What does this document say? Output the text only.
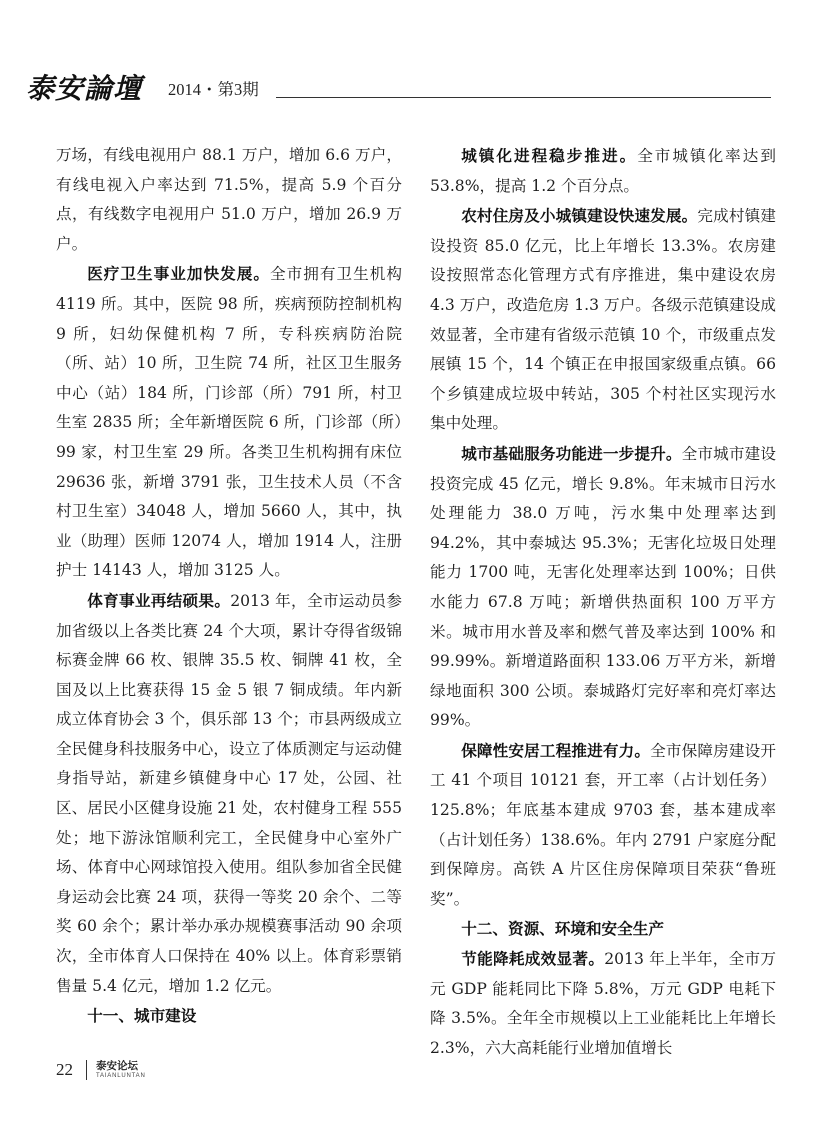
泰安論壇 2014・第3期

万场，有线电视用户 88.1 万户，增加 6.6 万户，有线电视入户率达到 71.5%，提高 5.9 个百分点，有线数字电视用户 51.0 万户，增加 26.9 万户。

医疗卫生事业加快发展。全市拥有卫生机构 4119 所。其中，医院 98 所，疾病预防控制机构 9 所，妇幼保健机构 7 所，专科疾病防治院（所、站）10 所，卫生院 74 所，社区卫生服务中心（站）184 所，门诊部（所）791 所，村卫生室 2835 所；全年新增医院 6 所，门诊部（所）99 家，村卫生室 29 所。各类卫生机构拥有床位 29636 张，新增 3791 张，卫生技术人员（不含村卫生室）34048 人，增加 5660 人，其中，执业（助理）医师 12074 人，增加 1914 人，注册护士 14143 人，增加 3125 人。

体育事业再结硕果。2013 年，全市运动员参加省级以上各类比赛 24 个大项，累计夺得省级锦标赛金牌 66 枚、银牌 35.5 枚、铜牌 41 枚，全国及以上比赛获得 15 金 5 银 7 铜成绩。年内新成立体育协会 3 个，俱乐部 13 个；市县两级成立全民健身科技服务中心，设立了体质测定与运动健身指导站，新建乡镇健身中心 17 处，公园、社区、居民小区健身设施 21 处，农村健身工程 555 处；地下游泳馆顺利完工，全民健身中心室外广场、体育中心网球馆投入使用。组队参加省全民健身运动会比赛 24 项，获得一等奖 20 余个、二等奖 60 余个；累计举办承办规模赛事活动 90 余项次，全市体育人口保持在 40% 以上。体育彩票销售量 5.4 亿元，增加 1.2 亿元。

十一、城市建设

城镇化进程稳步推进。全市城镇化率达到 53.8%，提高 1.2 个百分点。

农村住房及小城镇建设快速发展。完成村镇建设投资 85.0 亿元，比上年增长 13.3%。农房建设按照常态化管理方式有序推进，集中建设农房 4.3 万户，改造危房 1.3 万户。各级示范镇建设成效显著，全市建有省级示范镇 10 个，市级重点发展镇 15 个，14 个镇正在申报国家级重点镇。66 个乡镇建成垃圾中转站，305 个村社区实现污水集中处理。

城市基础服务功能进一步提升。全市城市建设投资完成 45 亿元，增长 9.8%。年末城市日污水处理能力 38.0 万吨，污水集中处理率达到 94.2%，其中泰城达 95.3%；无害化垃圾日处理能力 1700 吨，无害化处理率达到 100%；日供水能力 67.8 万吨；新增供热面积 100 万平方米。城市用水普及率和燃气普及率达到 100% 和 99.99%。新增道路面积 133.06 万平方米，新增绿地面积 300 公顷。泰城路灯完好率和亮灯率达 99%。

保障性安居工程推进有力。全市保障房建设开工 41 个项目 10121 套，开工率（占计划任务）125.8%；年底基本建成 9703 套，基本建成率（占计划任务）138.6%。年内 2791 户家庭分配到保障房。高铁 A 片区住房保障项目荣获“鲁班奖”。

十二、资源、环境和安全生产

节能降耗成效显著。2013 年上半年，全市万元 GDP 能耗同比下降 5.8%，万元 GDP 电耗下降 3.5%。全年全市规模以上工业能耗比上年增长 2.3%，六大高耗能行业增加值增长

22 泰安论坛
TAIANLUNTAN
